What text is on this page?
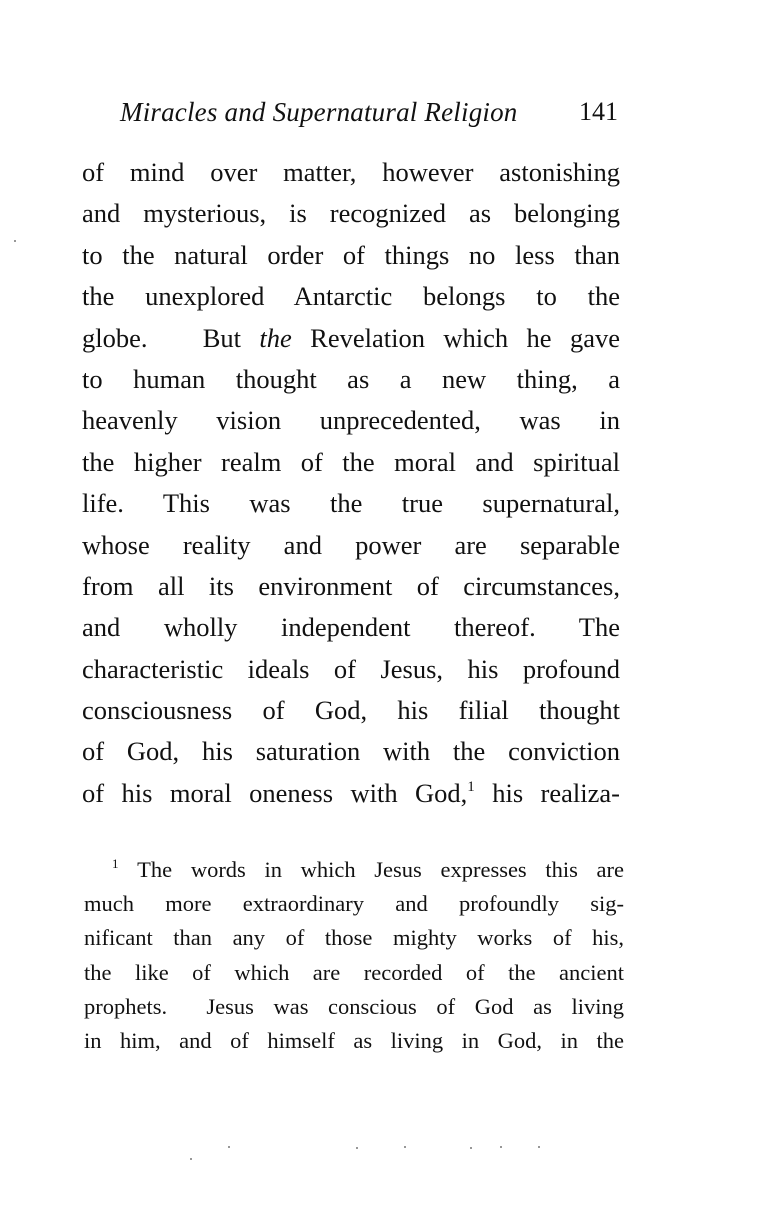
Miracles and Supernatural Religion 141
of mind over matter, however astonishing
and mysterious, is recognized as belonging
to the natural order of things no less than
the unexplored Antarctic belongs to the
globe.   But the Revelation which he gave
to human thought as a new thing, a
heavenly vision unprecedented, was in
the higher realm of the moral and spiritual
life. This was the true supernatural,
whose reality and power are separable
from all its environment of circumstances,
and wholly independent thereof. The
characteristic ideals of Jesus, his profound
consciousness of God, his filial thought
of God, his saturation with the conviction
of his moral oneness with God,$^1$ his realiza-
$^1$ The words in which Jesus expresses this are
much more extraordinary and profoundly sig-
nificant than any of those mighty works of his,
the like of which are recorded of the ancient
prophets.  Jesus was conscious of God as living
in him, and of himself as living in God, in the
